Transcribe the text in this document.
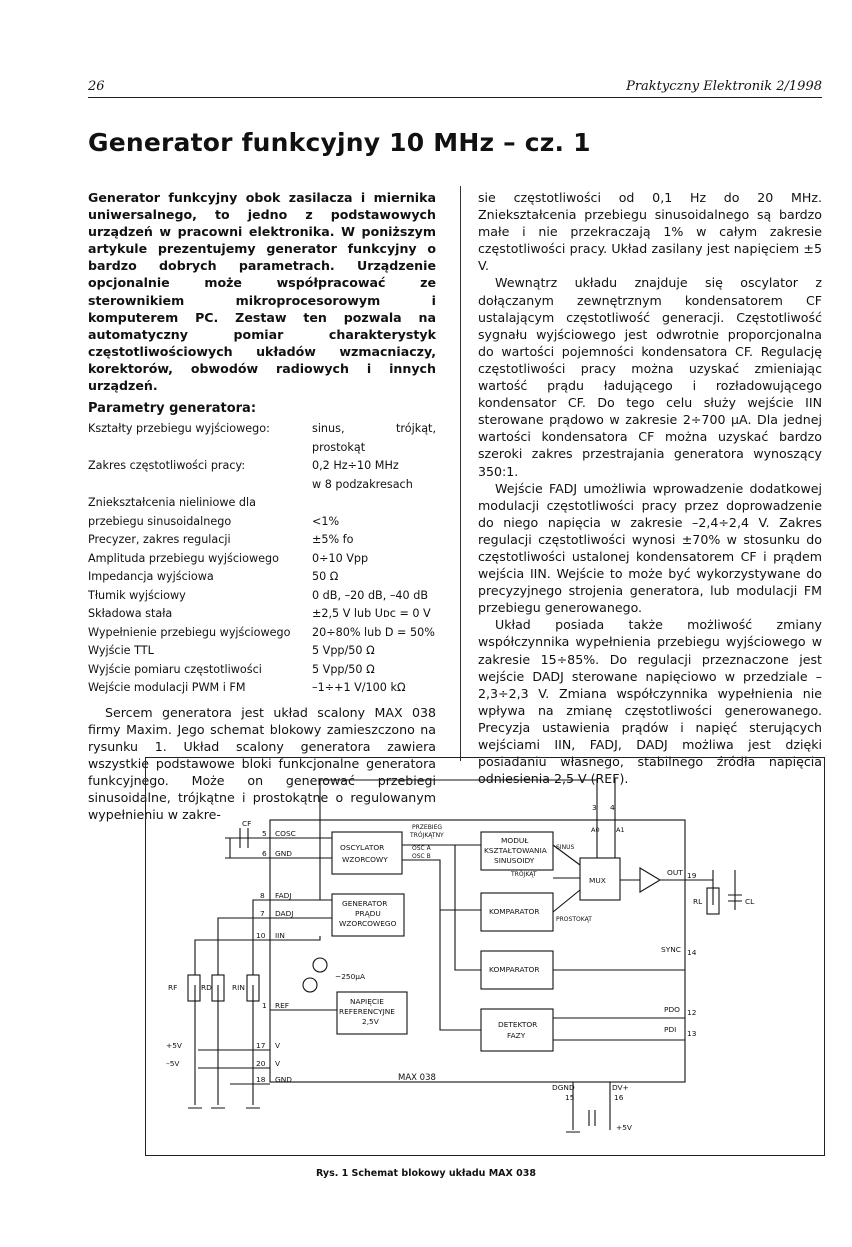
26	Praktyczny Elektronik 2/1998
Generator funkcyjny 10 MHz – cz. 1

Generator funkcyjny obok zasilacza i miernika uniwersalnego, to jedno z podstawowych urządzeń w pracowni elektronika. W poniższym artykule prezentujemy generator funkcyjny o bardzo dobrych parametrach. Urządzenie opcjonalnie może współpracować ze sterownikiem mikroprocesorowym i komputerem PC. Zestaw ten pozwala na automatyczny pomiar charakterystyk częstotliwościowych układów wzmacniaczy, korektorów, obwodów radiowych i innych urządzeń.

Parametry generatora:
Kształty przebiegu wyjściowego:	sinus, trójkąt, prostokąt
Zakres częstotliwości pracy:	0,2 Hz÷10 MHz
	w 8 podzakresach
Zniekształcenia nieliniowe dla	
przebiegu sinusoidalnego	<1%
Precyzer, zakres regulacji	±5% fo
Amplituda przebiegu wyjściowego	0÷10 Vpp
Impedancja wyjściowa	50 Ω
Tłumik wyjściowy	0 dB, –20 dB, –40 dB
Składowa stała	±2,5 V lub Uᴅᴄ = 0 V
Wypełnienie przebiegu wyjściowego	20÷80% lub D = 50%
Wyjście TTL	5 Vpp/50 Ω
Wyjście pomiaru częstotliwości	5 Vpp/50 Ω
Wejście modulacji PWM i FM	–1÷+1 V/100 kΩ

Sercem generatora jest układ scalony MAX 038 firmy Maxim. Jego schemat blokowy zamieszczono na rysunku 1. Układ scalony generatora zawiera wszystkie podstawowe bloki funkcjonalne generatora funkcyjnego. Może on generować przebiegi sinusoidalne, trójkątne i prostokątne o regulowanym wypełnieniu w zakre-

sie częstotliwości od 0,1 Hz do 20 MHz. Zniekształcenia przebiegu sinusoidalnego są bardzo małe i nie przekraczają 1% w całym zakresie częstotliwości pracy. Układ zasilany jest napięciem ±5 V.

Wewnątrz układu znajduje się oscylator z dołączanym zewnętrznym kondensatorem CF ustalającym częstotliwość generacji. Częstotliwość sygnału wyjściowego jest odwrotnie proporcjonalna do wartości pojemności kondensatora CF. Regulację częstotliwości pracy można uzyskać zmieniając wartość prądu ładującego i rozładowującego kondensator CF. Do tego celu służy wejście IIN sterowane prądowo w zakresie 2÷700 µA. Dla jednej wartości kondensatora CF można uzyskać bardzo szeroki zakres przestrajania generatora wynoszący 350:1.

Wejście FADJ umożliwia wprowadzenie dodatkowej modulacji częstotliwości pracy przez doprowadzenie do niego napięcia w zakresie –2,4÷2,4 V. Zakres regulacji częstotliwości wynosi ±70% w stosunku do częstotliwości ustalonej kondensatorem CF i prądem wejścia IIN. Wejście to może być wykorzystywane do precyzyjnego strojenia generatora, lub modulacji FM przebiegu generowanego.

Układ posiada także możliwość zmiany współczynnika wypełnienia przebiegu wyjściowego w zakresie 15÷85%. Do regulacji przeznaczone jest wejście DADJ sterowane napięciowo w przedziale –2,3÷2,3 V. Zmiana współczynnika wypełnienia nie wpływa na zmianę częstotliwości generowanego. Precyzja ustawienia prądów i napięć sterujących wejściami IIN, FADJ, DADJ możliwa jest dzięki posiadaniu własnego, stabilnego źródła napięcia odniesienia 2,5 V (REF).

OSCYLATOR
WZORCOWY
GENERATOR
PRĄDU
WZORCOWEGO
NAPIĘCIE
REFERENCYJNE
2,5V
MODUŁ
KSZTAŁTOWANIA
SINUSOIDY
MUX
KOMPARATOR
KOMPARATOR
DETEKTOR
FAZY
MAX 038
CF
COSC
GND
FADJ
DADJ
IIN
REF
V
V
GND
+5V
–5V
RF	RD	RIN
~250µA
PRZEBIEG
TRÓJKĄTNY
OSC A
OSC B
SINUS
TRÓJKĄT
PROSTOKĄT
A0	A1
OUT
SYNC
PDO
PDI
DGND	DV+
+5V
RL	CL
5
6
8
7
10
1
17
20
18
3 4
19
14
12
13
15	16
Rys. 1 Schemat blokowy układu MAX 038
